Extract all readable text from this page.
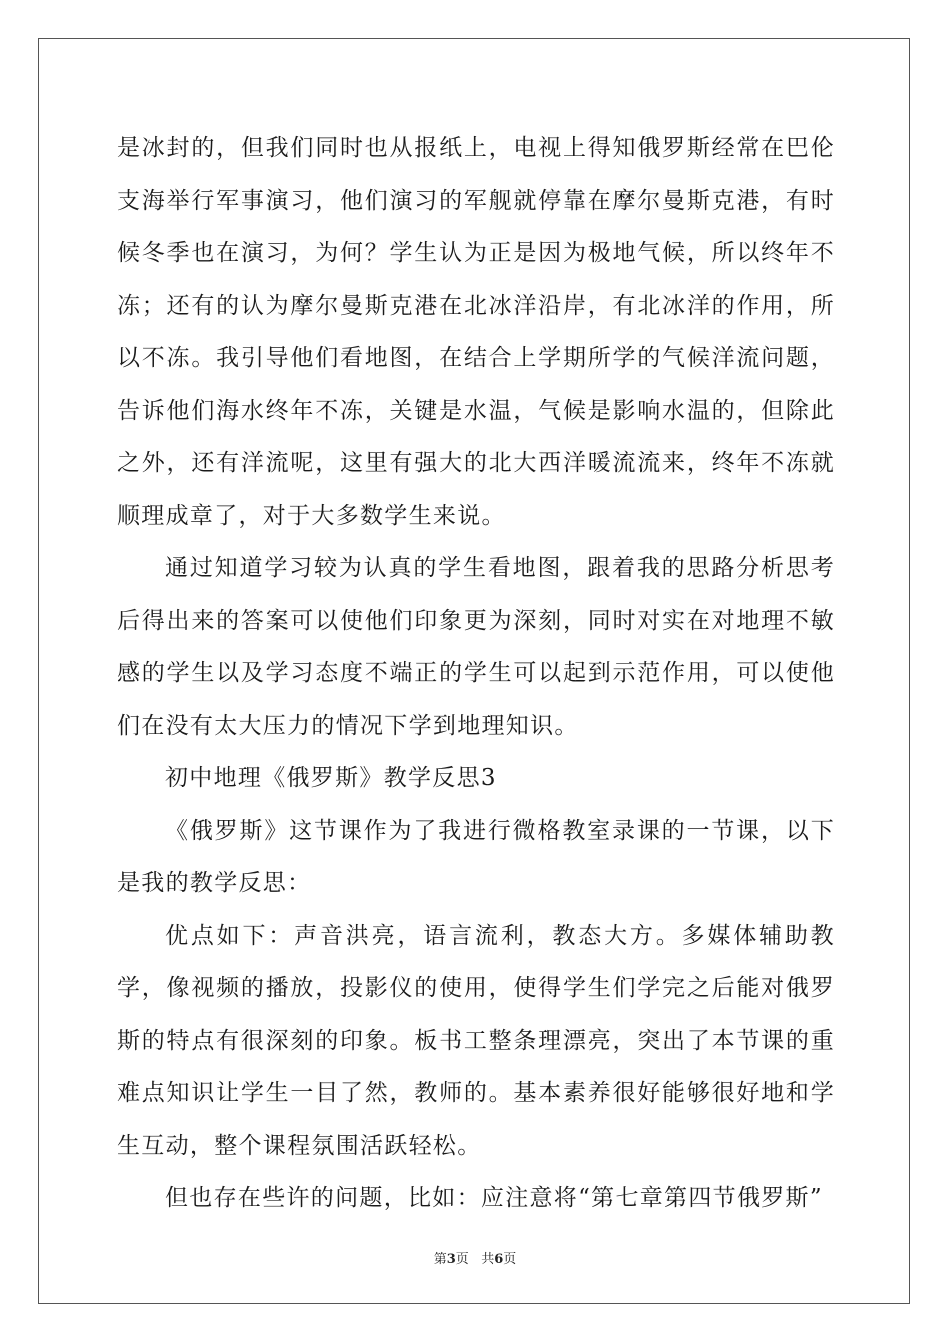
是冰封的，但我们同时也从报纸上，电视上得知俄罗斯经常在巴伦支海举行军事演习，他们演习的军舰就停靠在摩尔曼斯克港，有时候冬季也在演习，为何？学生认为正是因为极地气候，所以终年不冻；还有的认为摩尔曼斯克港在北冰洋沿岸，有北冰洋的作用，所以不冻。我引导他们看地图，在结合上学期所学的气候洋流问题，告诉他们海水终年不冻，关键是水温，气候是影响水温的，但除此之外，还有洋流呢，这里有强大的北大西洋暖流流来，终年不冻就顺理成章了，对于大多数学生来说。

通过知道学习较为认真的学生看地图，跟着我的思路分析思考后得出来的答案可以使他们印象更为深刻，同时对实在对地理不敏感的学生以及学习态度不端正的学生可以起到示范作用，可以使他们在没有太大压力的情况下学到地理知识。

初中地理《俄罗斯》教学反思3

《俄罗斯》这节课作为了我进行微格教室录课的一节课，以下是我的教学反思：

优点如下：声音洪亮，语言流利，教态大方。多媒体辅助教学，像视频的播放，投影仪的使用，使得学生们学完之后能对俄罗斯的特点有很深刻的印象。板书工整条理漂亮，突出了本节课的重难点知识让学生一目了然，教师的。基本素养很好能够很好地和学生互动，整个课程氛围活跃轻松。

但也存在些许的问题，比如：应注意将“第七章第四节俄罗斯”

第3页 共6页
